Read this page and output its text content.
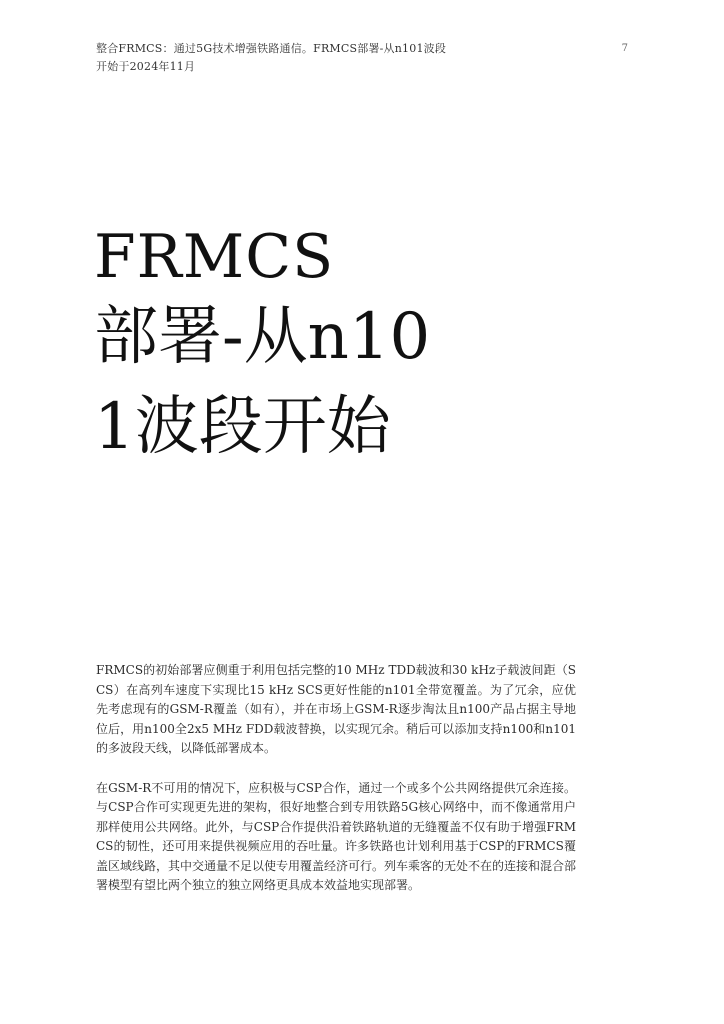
整合FRMCS：通过5G技术增强铁路通信。FRMCS部署-从n101波段
开始于2024年11月
7
FRMCS
部署-从n10
1波段开始

FRMCS的初始部署应侧重于利用包括完整的10 MHz TDD载波和30 kHz子载波间距（SCS）在高列车速度下实现比15 kHz SCS更好性能的n101全带宽覆盖。为了冗余，应优先考虑现有的GSM-R覆盖（如有），并在市场上GSM-R逐步淘汰且n100产品占据主导地位后，用n100全2x5 MHz FDD载波替换，以实现冗余。稍后可以添加支持n100和n101的多波段天线，以降低部署成本。

在GSM-R不可用的情况下，应积极与CSP合作，通过一个或多个公共网络提供冗余连接。与CSP合作可实现更先进的架构，很好地整合到专用铁路5G核心网络中，而不像通常用户那样使用公共网络。此外，与CSP合作提供沿着铁路轨道的无缝覆盖不仅有助于增强FRMCS的韧性，还可用来提供视频应用的吞吐量。许多铁路也计划利用基于CSP的FRMCS覆盖区域线路，其中交通量不足以使专用覆盖经济可行。列车乘客的无处不在的连接和混合部署模型有望比两个独立的独立网络更具成本效益地实现部署。
